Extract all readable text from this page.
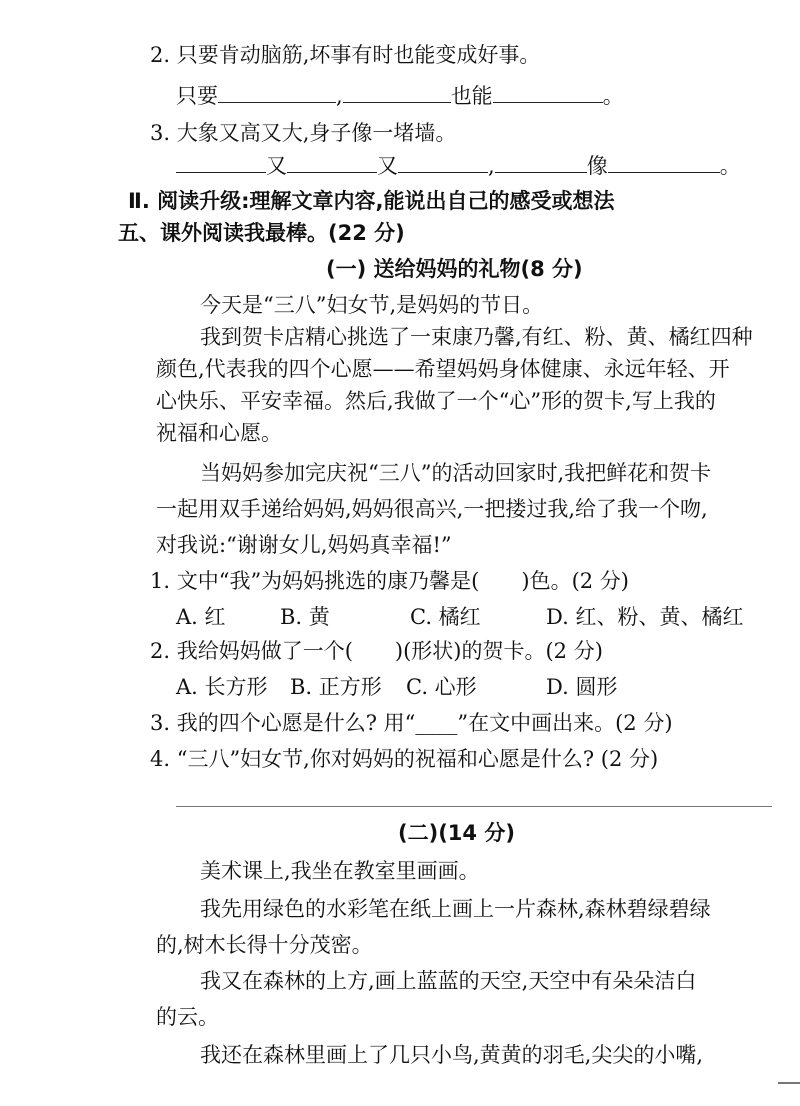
2. 只要肯动脑筋,坏事有时也能变成好事。
只要	,	也能	。
3. 大象又高又大,身子像一堵墙。
又	又	,	像	。
Ⅱ. 阅读升级:理解文章内容,能说出自己的感受或想法
五、课外阅读我最棒。(22 分)
(一) 送给妈妈的礼物(8 分)
今天是“三八”妇女节,是妈妈的节日。
我到贺卡店精心挑选了一束康乃馨,有红、粉、黄、橘红四种
颜色,代表我的四个心愿——希望妈妈身体健康、永远年轻、开
心快乐、平安幸福。然后,我做了一个“心”形的贺卡,写上我的
祝福和心愿。
当妈妈参加完庆祝“三八”的活动回家时,我把鲜花和贺卡
一起用双手递给妈妈,妈妈很高兴,一把搂过我,给了我一个吻,
对我说:“谢谢女儿,妈妈真幸福!”
1. 文中“我”为妈妈挑选的康乃馨是(　　)色。(2 分)
A. 红	B. 黄	C. 橘红	D. 红、粉、黄、橘红
2. 我给妈妈做了一个(　　)(形状)的贺卡。(2 分)
A. 长方形 B. 正方形 C. 心形	D. 圆形
3. 我的四个心愿是什么? 用“____”在文中画出来。(2 分)
4. “三八”妇女节,你对妈妈的祝福和心愿是什么? (2 分)
(二)(14 分)
美术课上,我坐在教室里画画。
我先用绿色的水彩笔在纸上画上一片森林,森林碧绿碧绿
的,树木长得十分茂密。
我又在森林的上方,画上蓝蓝的天空,天空中有朵朵洁白
的云。
我还在森林里画上了几只小鸟,黄黄的羽毛,尖尖的小嘴,
